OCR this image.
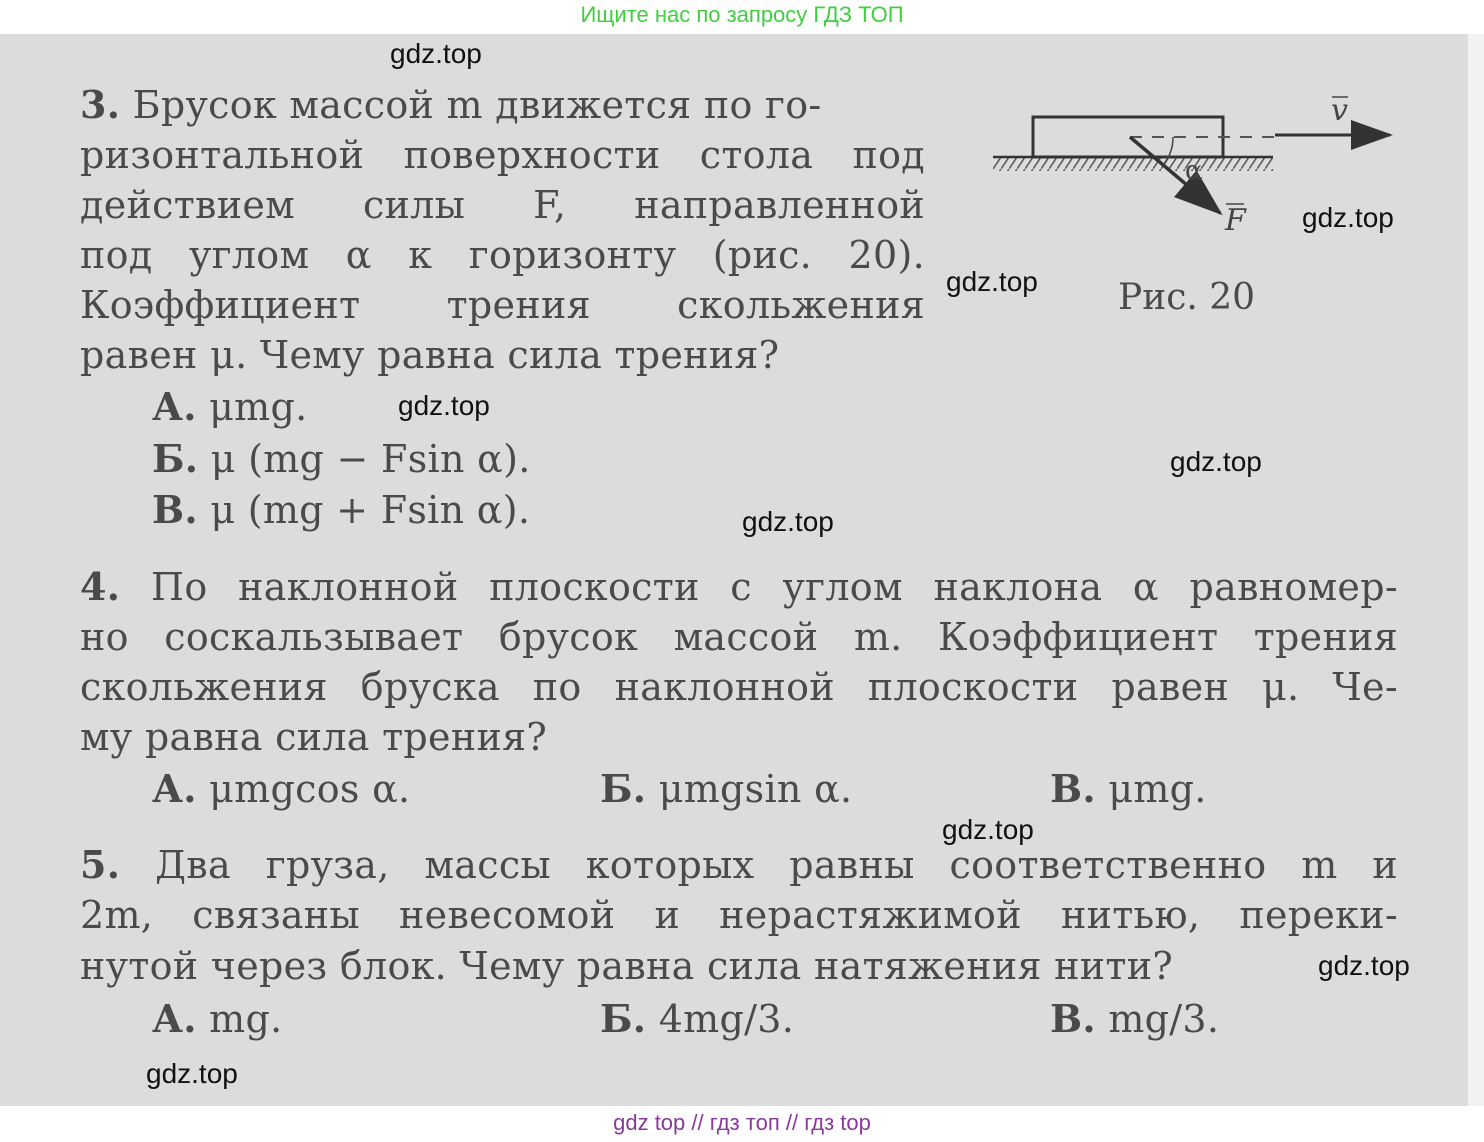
Ищите нас по запросу ГДЗ ТОП
3. Брусок массой m движется по го-
ризонтальной поверхности стола под
действием силы F, направленной
под углом α к горизонту (рис. 20).
Коэффициент трения скольжения
равен μ. Чему равна сила трения?
А. μmg.
Б. μ (mg − Fsin α).
В. μ (mg + Fsin α).
α
v
F
Рис. 20
4. По наклонной плоскости с углом наклона α равномер-
но соскальзывает брусок массой m. Коэффициент трения
скольжения бруска по наклонной плоскости равен μ. Че-
му равна сила трения?
А. μmgcos α.	Б. μmgsin α.	В. μmg.
5. Два груза, массы которых равны соответственно m и
2m, связаны невесомой и нерастяжимой нитью, переки-
нутой через блок. Чему равна сила натяжения нити?
А. mg.	Б. 4mg/3.	В. mg/3.
gdz.top
gdz.top
gdz.top
gdz.top
gdz.top
gdz.top
gdz.top
gdz.top
gdz.top
gdz top // гдз топ // гдз top
